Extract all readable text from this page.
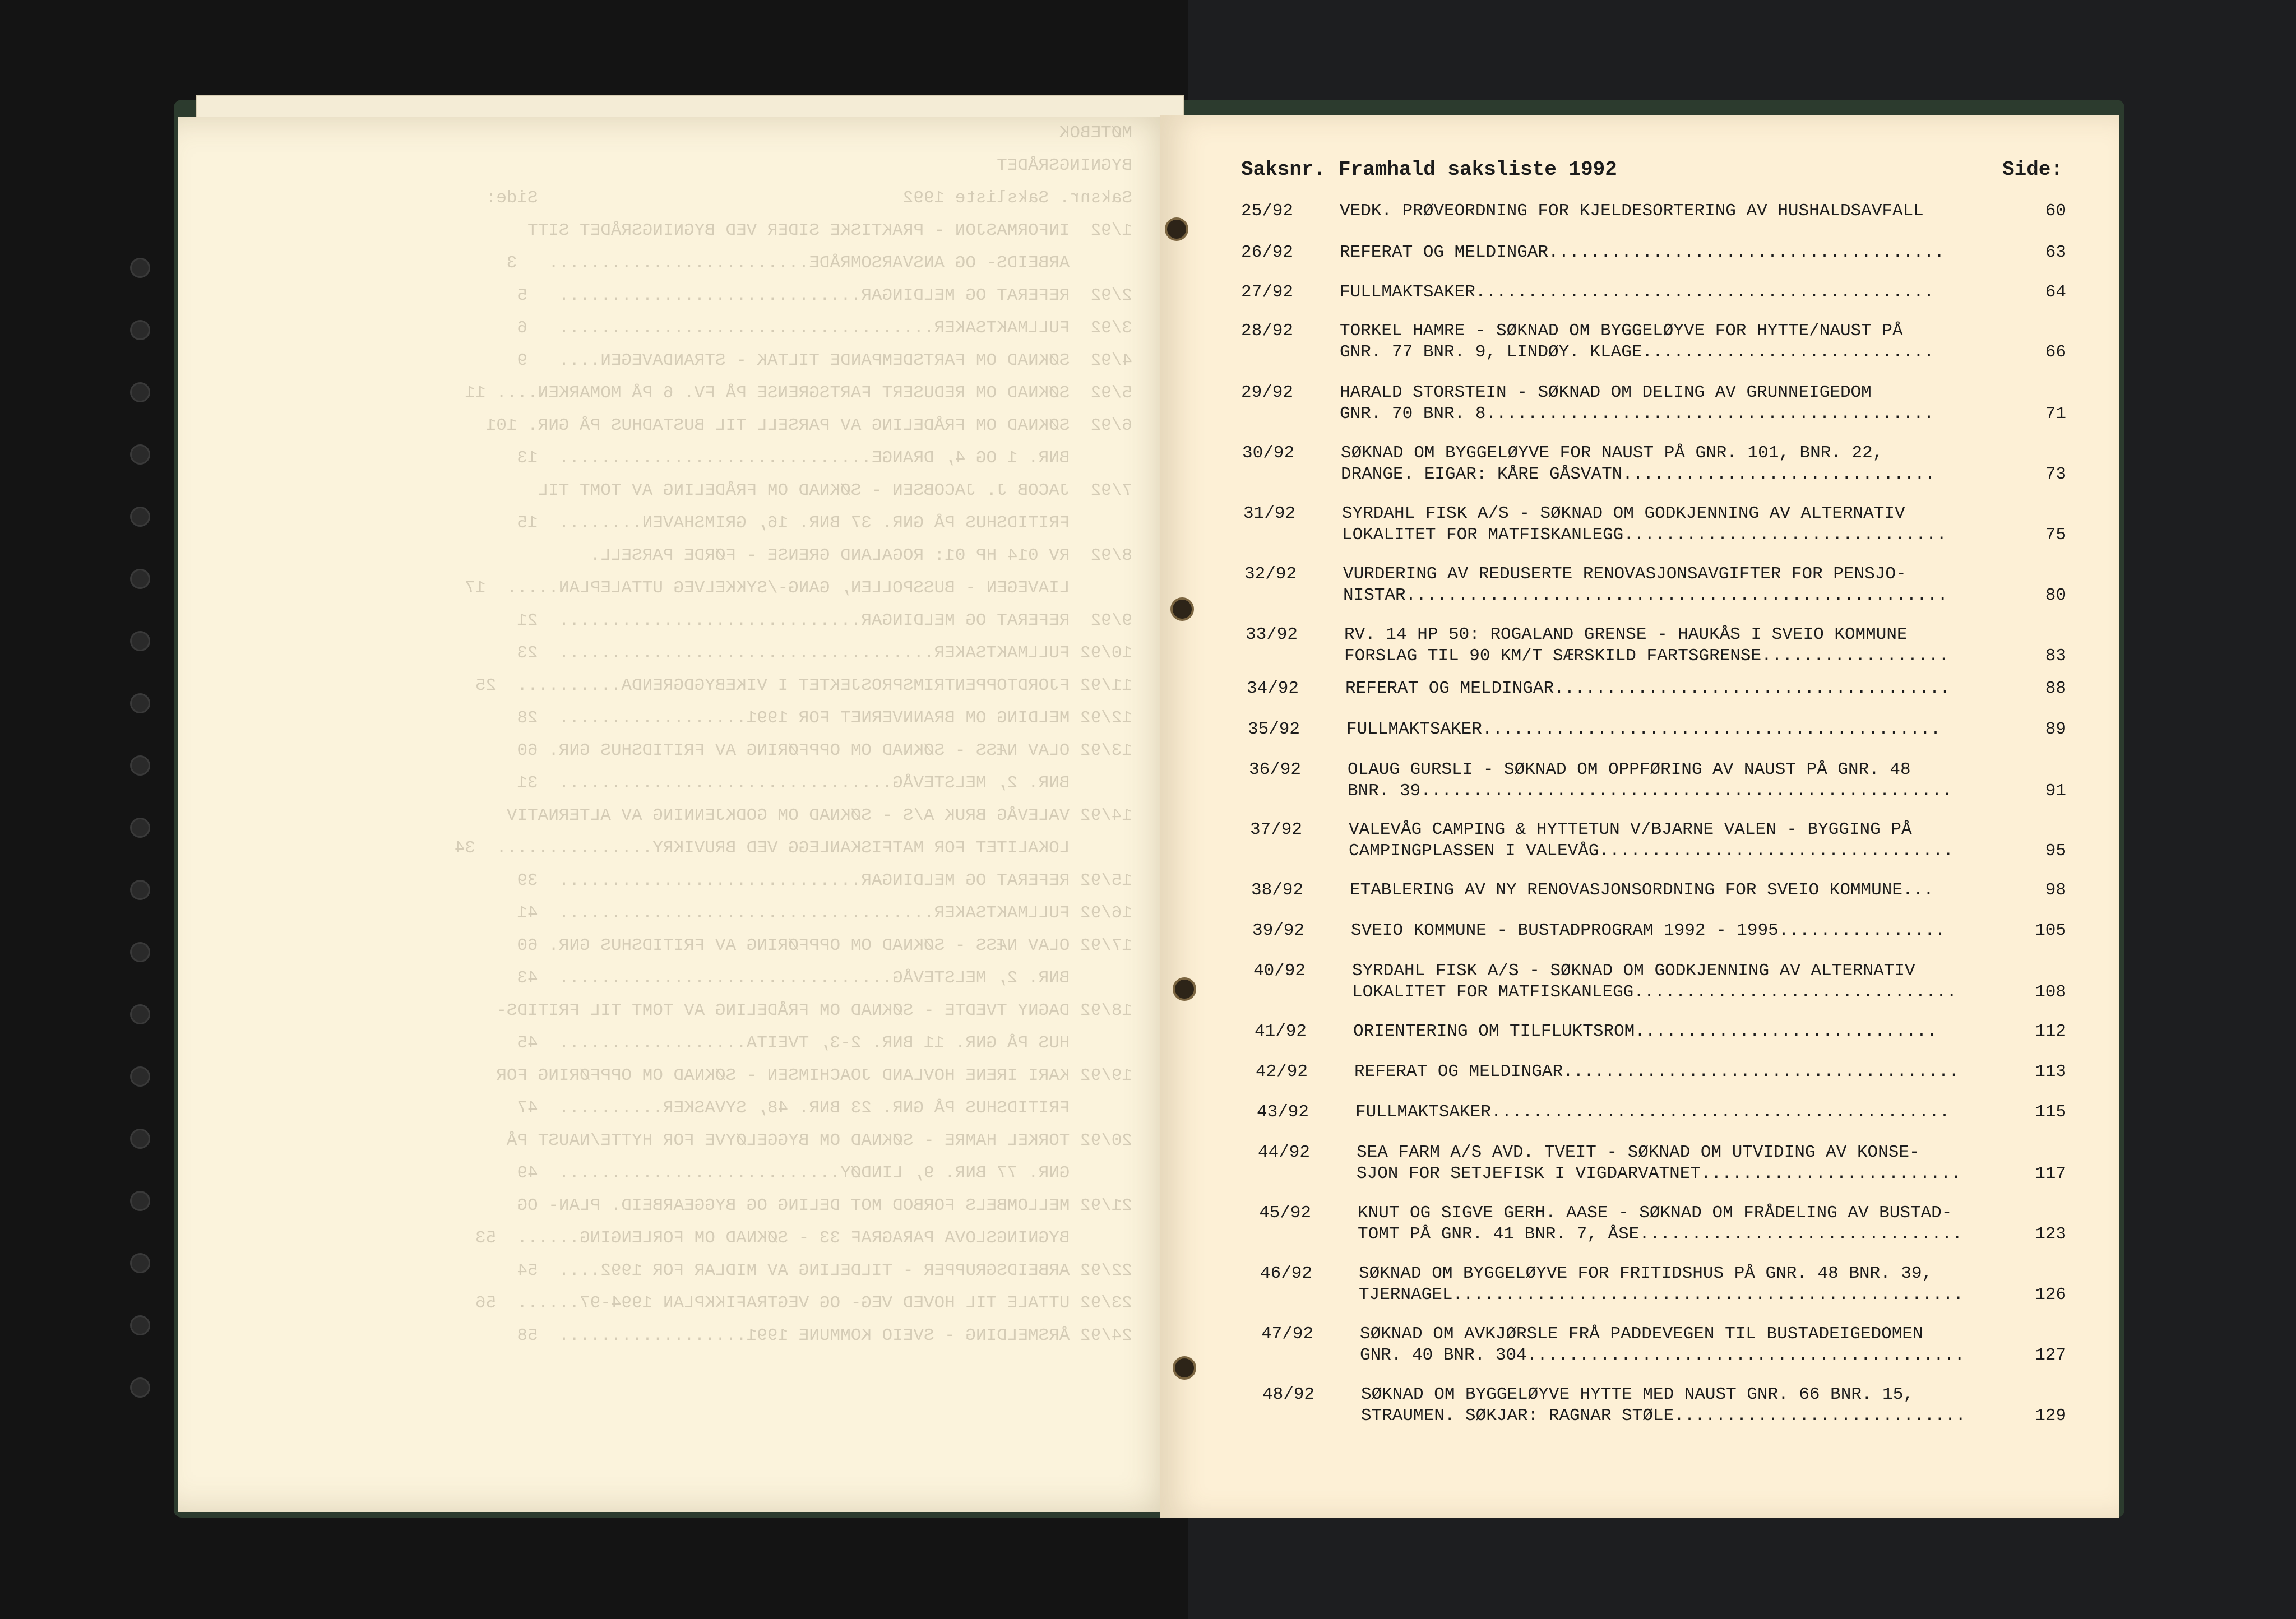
MØTEBOK
BYGNINGSRÅDET
Saksnr. Saksliste 1992                                   Side:
1/92  INFORMASJON - PRAKTISKE SIDER VED BYGNINGSRÅDET SITT
ARBEIDS- OG ANSVARSOMRÅDE.........................   3
2/92  REFERAT OG MELDINGAR.............................   5
3/92  FULLMAKTSAKER....................................   6
4/92  SØKNAD OM FARTSDEMPANDE TILTAK - STRANDAVEGEN....   9
5/92  SØKNAD OM REDUSERT FARTSGRENSE PÅ FV. 6 PÅ MOMARKEN.... 11
6/92  SØKNAD OM FRÅDELING AV PARSELL TIL BUSTADHUS PÅ GNR. 101
BNR. 1 OG 4, DRANGE..............................  13
7/92  JACOB J. JACOBSEN - SØKNAD OM FRÅDELING AV TOMT TIL
FRITIDSHUS PÅ GNR. 37 BNR. 16, GRIMSHAVEN........  15
8/92  RV 014 HP 01: ROGALAND GRENSE - FØRDE PARSELL.
LIAVEGEN - BUSSPOLLEN, GANG-/SYKKELVEG UTTALEPLAN.....  17
9/92  REFERAT OG MELDINGAR.............................  21
10/92 FULLMAKTSAKER....................................  23
11/92 FJORDTOPPENTRIMSPROSJEKTET I VIKEBYGDGRENDA..........  25
12/92 MELDING OM BRANNVERNET FOR 1991..................  28
13/92 OLAV NÆSS - SØKNAD OM OPPFØRING AV FRITIDSHUS GNR. 60
BNR. 2, MELSTEVÅG................................  31
14/92 VALEVÅG BRUK A/S - SØKNAD OM GODKJENNING AV ALTERNATIV
LOKALITET FOR MATFISKANLEGG VED BRUVIKRY...............  34
15/92 REFERAT OG MELDINGAR.............................  39
16/92 FULLMAKTSAKER....................................  41
17/92 OLAV NÆSS - SØKNAD OM OPPFØRING AV FRITIDSHUS GNR. 60
BNR. 2, MELSTEVÅG................................  43
18/92 DAGNY TVEDTE - SØKNAD OM FRÅDELING AV TOMT TIL FRITIDS-
HUS PÅ GNR. 11 BNR. 2-3, TVEITA..................  45
19/92 KARI IRENE HOVLAND JOACHIMSEN - SØKNAD OM OPPFØRING FOR
FRITIDSHUS PÅ GNR. 23 BNR. 48, SYVASKER..........  47
20/92 TORKEL HAMRE - SØKNAD OM BYGGELØYVE FOR HYTTE/NAUST PÅ
GNR. 77 BNR. 9, LINDØY...........................  49
21/92 MELLOMBELS FORBOD MOT DELING OG BYGGEARBEID. PLAN- OG
BYGNINGSLOVA PARAGRAF 33 - SØKNAD OM FORLENGING......  53
22/92 ARBEIDSGRUPPER - TILDELING AV MIDLAR FOR 1992....  54
23/92 UTTALE TIL HOVED VEG- OG VEGTRAFIKKPLAN 1994-97......  56
24/92 ÅRSMELDING - SVEIO KOMMUNE 1991..................  58
Saksnr. Framhald saksliste 1992	Side:
25/92	VEDK. PRØVEORDNING FOR KJELDESORTERING AV HUSHALDSAVFALL	60
26/92	REFERAT OG MELDINGAR......................................	63
27/92	FULLMAKTSAKER............................................	64
28/92	TORKEL HAMRE - SØKNAD OM BYGGELØYVE FOR HYTTE/NAUST PÅ
GNR. 77 BNR. 9, LINDØY. KLAGE............................	66
29/92	HARALD STORSTEIN - SØKNAD OM DELING AV GRUNNEIGEDOM
GNR. 70 BNR. 8...........................................	71
30/92	SØKNAD OM BYGGELØYVE FOR NAUST PÅ GNR. 101, BNR. 22,
DRANGE. EIGAR: KÅRE GÅSVATN..............................	73
31/92	SYRDAHL FISK A/S - SØKNAD OM GODKJENNING AV ALTERNATIV
LOKALITET FOR MATFISKANLEGG...............................	75
32/92	VURDERING AV REDUSERTE RENOVASJONSAVGIFTER FOR PENSJO-
NISTAR....................................................	80
33/92	RV. 14 HP 50: ROGALAND GRENSE - HAUKÅS I SVEIO KOMMUNE
FORSLAG TIL 90 KM/T SÆRSKILD FARTSGRENSE..................	83
34/92	REFERAT OG MELDINGAR......................................	88
35/92	FULLMAKTSAKER............................................	89
36/92	OLAUG GURSLI - SØKNAD OM OPPFØRING AV NAUST PÅ GNR. 48
BNR. 39...................................................	91
37/92	VALEVÅG CAMPING & HYTTETUN V/BJARNE VALEN - BYGGING PÅ
CAMPINGPLASSEN I VALEVÅG..................................	95
38/92	ETABLERING AV NY RENOVASJONSORDNING FOR SVEIO KOMMUNE...	98
39/92	SVEIO KOMMUNE - BUSTADPROGRAM 1992 - 1995................	105
40/92	SYRDAHL FISK A/S - SØKNAD OM GODKJENNING AV ALTERNATIV
LOKALITET FOR MATFISKANLEGG...............................	108
41/92	ORIENTERING OM TILFLUKTSROM.............................	112
42/92	REFERAT OG MELDINGAR......................................	113
43/92	FULLMAKTSAKER............................................	115
44/92	SEA FARM A/S AVD. TVEIT - SØKNAD OM UTVIDING AV KONSE-
SJON FOR SETJEFISK I VIGDARVATNET.........................	117
45/92	KNUT OG SIGVE GERH. AASE - SØKNAD OM FRÅDELING AV BUSTAD-
TOMT PÅ GNR. 41 BNR. 7, ÅSE...............................	123
46/92	SØKNAD OM BYGGELØYVE FOR FRITIDSHUS PÅ GNR. 48 BNR. 39,
TJERNAGEL.................................................	126
47/92	SØKNAD OM AVKJØRSLE FRÅ PADDEVEGEN TIL BUSTADEIGEDOMEN
GNR. 40 BNR. 304..........................................	127
48/92	SØKNAD OM BYGGELØYVE HYTTE MED NAUST GNR. 66 BNR. 15,
STRAUMEN. SØKJAR: RAGNAR STØLE............................	129
